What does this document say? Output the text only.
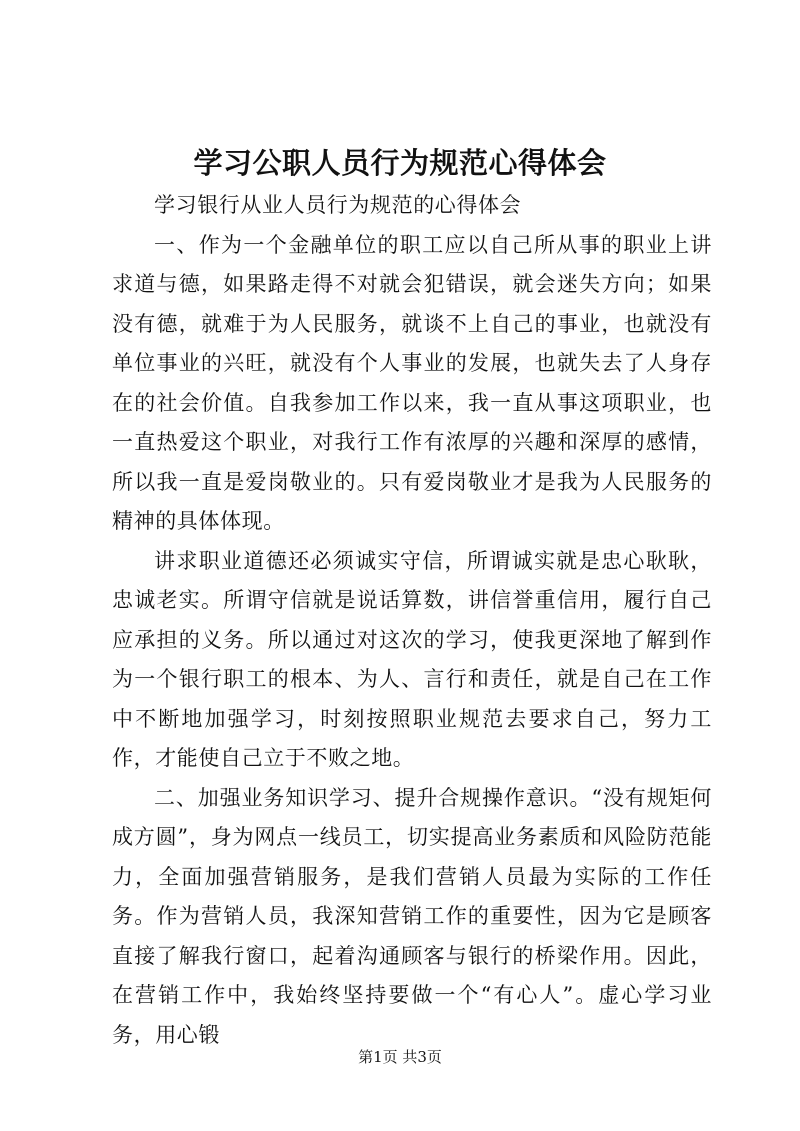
学习公职人员行为规范心得体会

学习银行从业人员行为规范的心得体会

一、作为一个金融单位的职工应以自己所从事的职业上讲求道与德，如果路走得不对就会犯错误，就会迷失方向；如果没有德，就难于为人民服务，就谈不上自己的事业，也就没有单位事业的兴旺，就没有个人事业的发展，也就失去了人身存在的社会价值。自我参加工作以来，我一直从事这项职业，也一直热爱这个职业，对我行工作有浓厚的兴趣和深厚的感情，所以我一直是爱岗敬业的。只有爱岗敬业才是我为人民服务的精神的具体体现。

讲求职业道德还必须诚实守信，所谓诚实就是忠心耿耿，忠诚老实。所谓守信就是说话算数，讲信誉重信用，履行自己应承担的义务。所以通过对这次的学习，使我更深地了解到作为一个银行职工的根本、为人、言行和责任，就是自己在工作中不断地加强学习，时刻按照职业规范去要求自己，努力工作，才能使自己立于不败之地。

二、加强业务知识学习、提升合规操作意识。“没有规矩何成方圆”，身为网点一线员工，切实提高业务素质和风险防范能力，全面加强营销服务，是我们营销人员最为实际的工作任务。作为营销人员，我深知营销工作的重要性，因为它是顾客直接了解我行窗口，起着沟通顾客与银行的桥梁作用。因此，在营销工作中，我始终坚持要做一个“有心人”。虚心学习业务，用心锻

第1页 共3页
